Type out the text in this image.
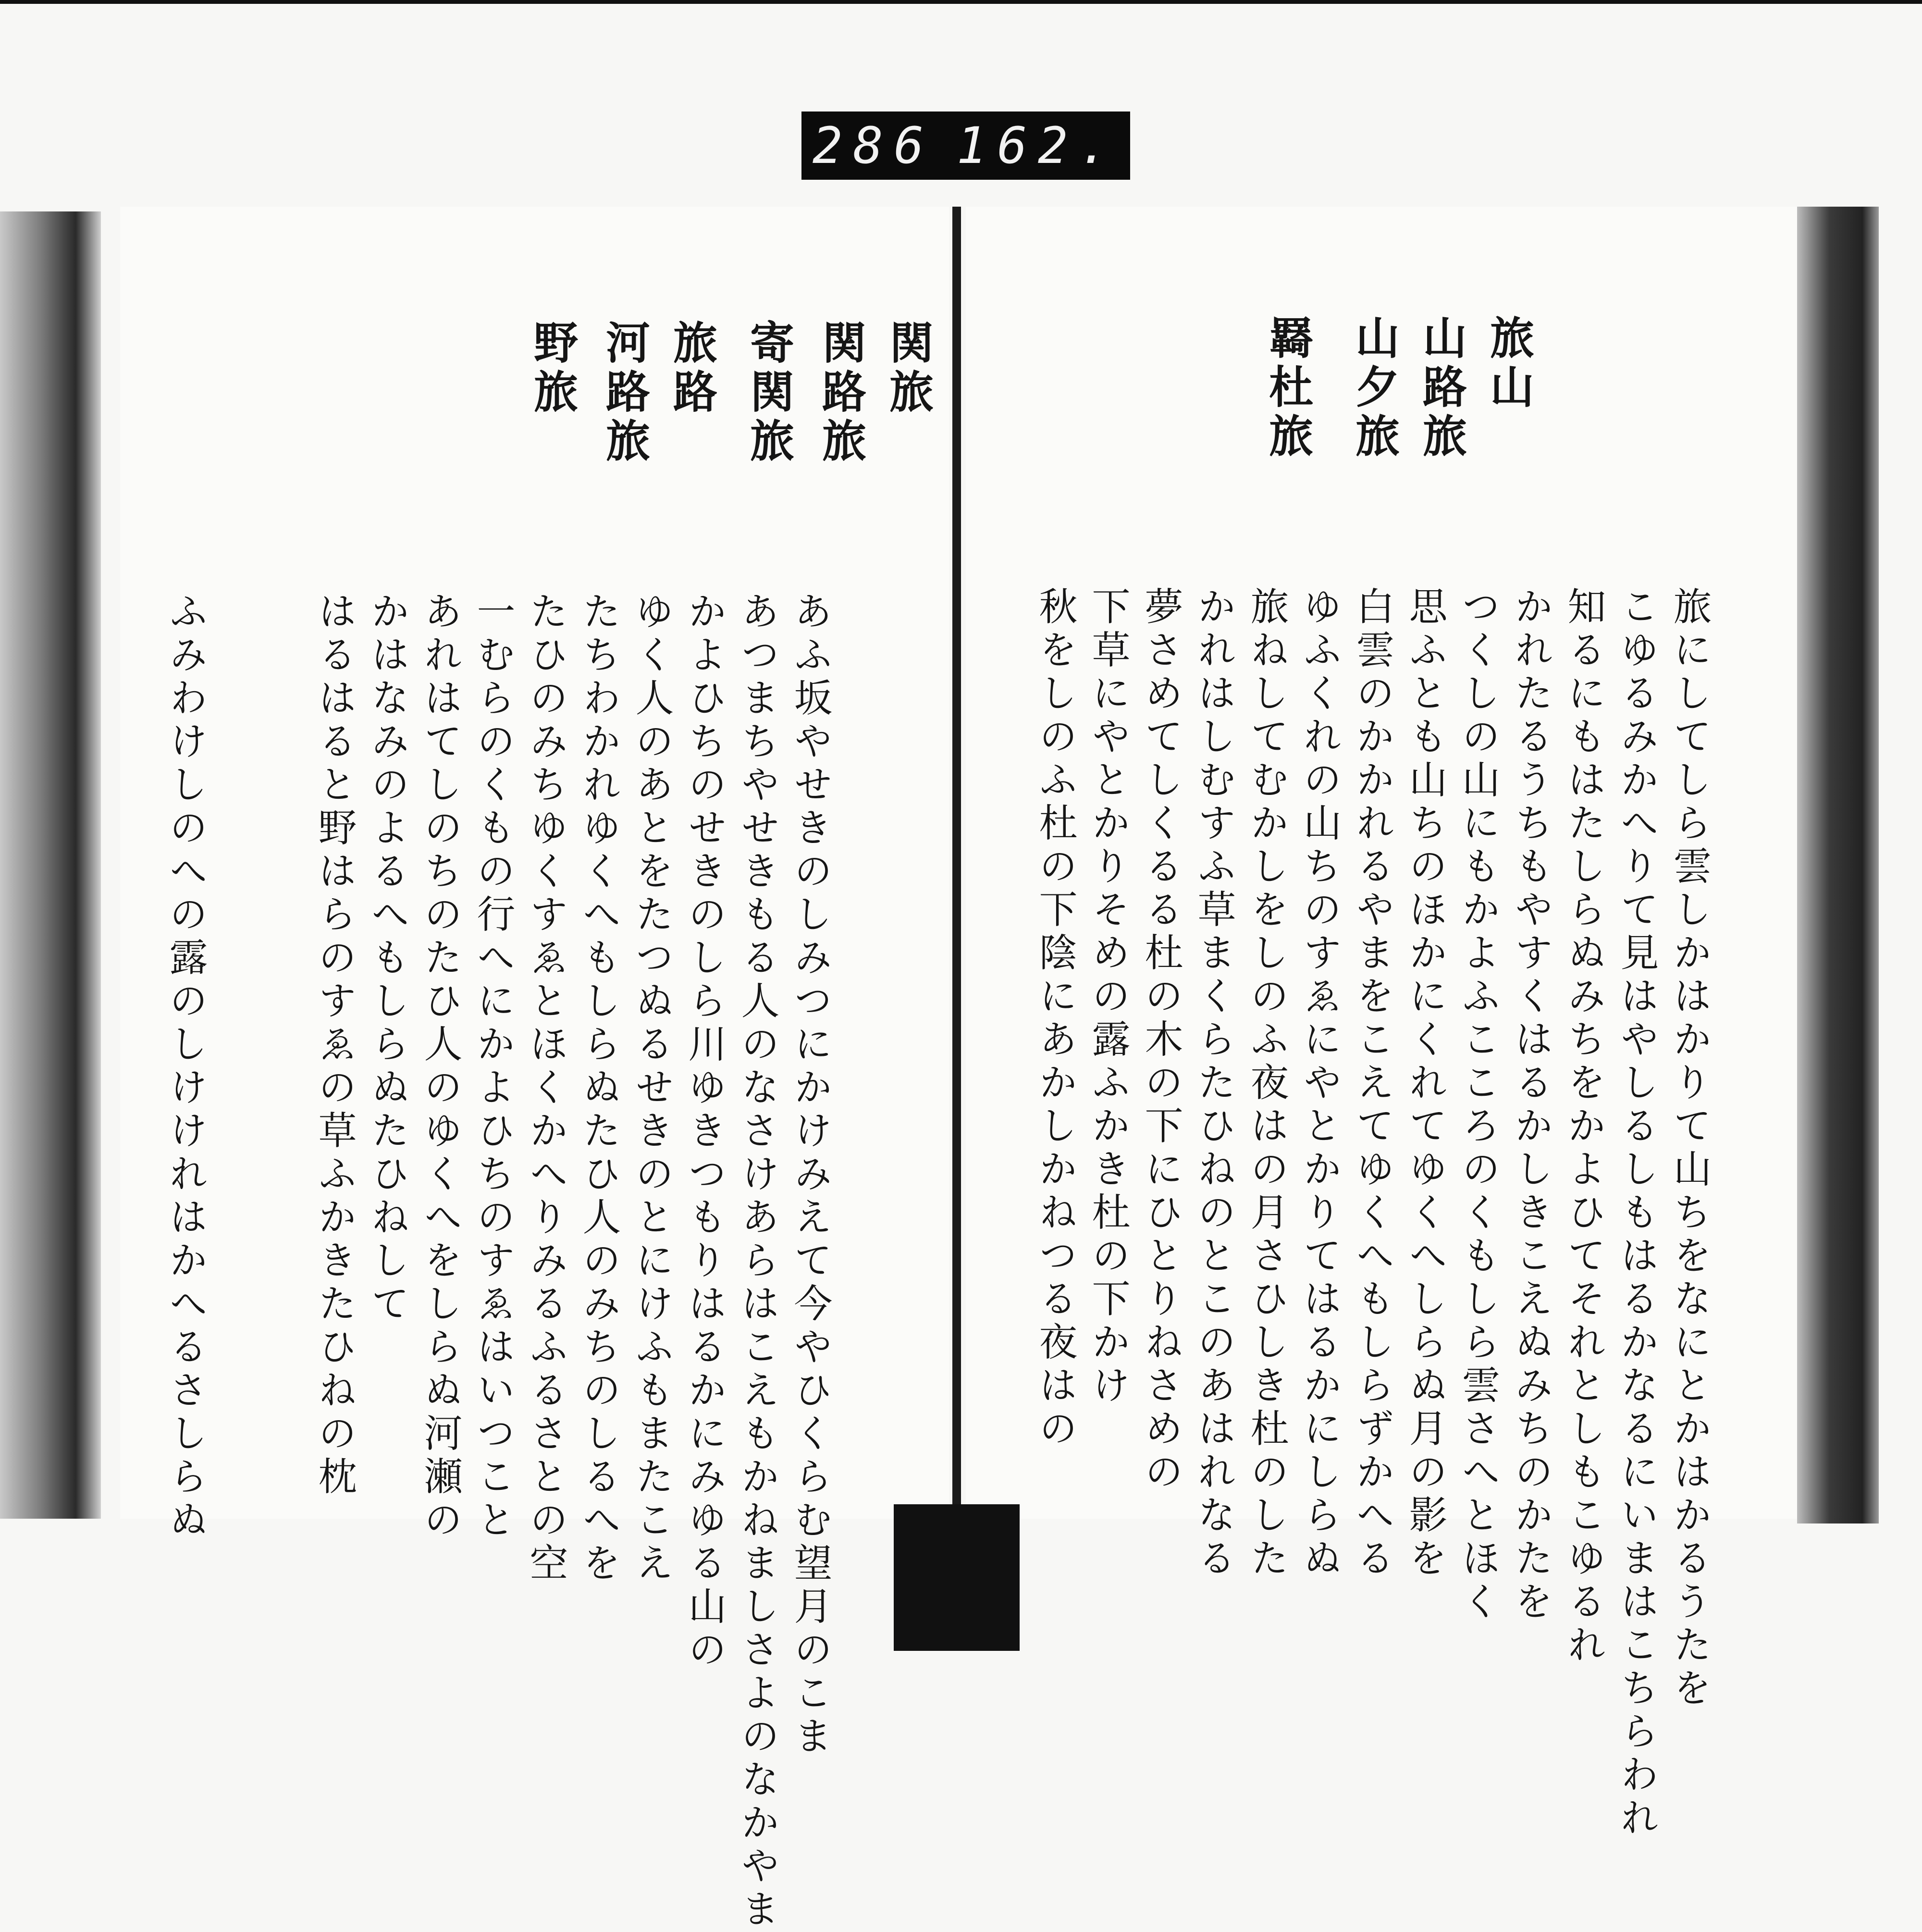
286 162.
関旅
関路旅
寄関旅
旅路
河路旅
野旅
あふ坂やせきのしみつにかけみえて今やひくらむ望月のこま
あつまちやせきもる人のなさけあらはこえもかねましさよのなかやま
かよひちのせきのしら川ゆきつもりはるかにみゆる山の
ゆく人のあとをたつぬるせきのとにけふもまたこえ
たちわかれゆくへもしらぬたひ人のみちのしるへを
たひのみちゆくすゑとほくかへりみるふるさとの空
一むらのくもの行へにかよひちのすゑはいつこと
あれはてしのちのたひ人のゆくへをしらぬ河瀬の
かはなみのよるへもしらぬたひねして
はるはると野はらのすゑの草ふかきたひねの枕
ふみわけしのへの露のしけけれはかへるさしらぬ
旅山
山路旅
山夕旅
羇杜旅
旅にしてしら雲しかはかりて山ちをなにとかはかるうたを
こゆるみかへりて見はやしるしもはるかなるにいまはこちらわれ
知るにもはたしらぬみちをかよひてそれとしもこゆるれ
かれたるうちもやすくはるかしきこえぬみちのかたを
つくしの山にもかよふこころのくもしら雲さへとほく
思ふとも山ちのほかにくれてゆくへしらぬ月の影を
白雲のかかれるやまをこえてゆくへもしらずかへる
ゆふくれの山ちのすゑにやとかりてはるかにしらぬ
旅ねしてむかしをしのふ夜はの月さひしき杜のした
かれはしむすふ草まくらたひねのとこのあはれなる
夢さめてしくるる杜の木の下にひとりねさめの
下草にやとかりそめの露ふかき杜の下かけ
秋をしのふ杜の下陰にあかしかねつる夜はの
